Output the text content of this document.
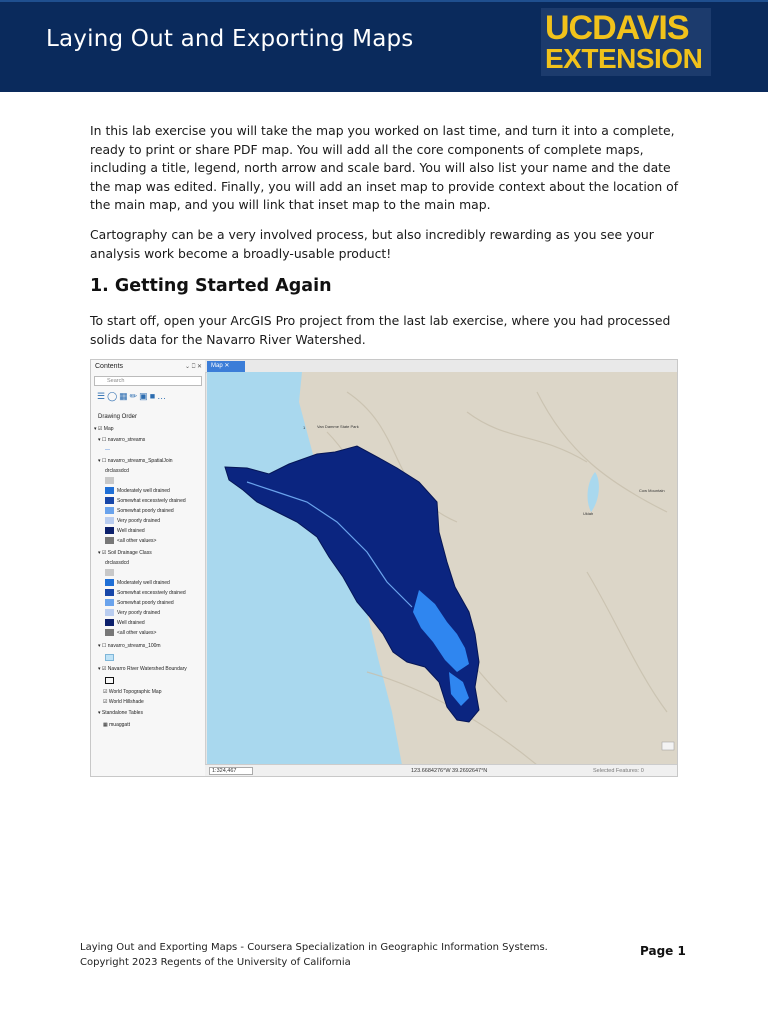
Laying Out and Exporting Maps	UCDAVIS
EXTENSION

In this lab exercise you will take the map you worked on last time, and turn it into a complete, ready to print or share PDF map. You will add all the core components of complete maps, including a title, legend, north arrow and scale bard. You will also list your name and the date the map was edited. Finally, you will add an inset map to provide context about the location of the main map, and you will link that inset map to the main map.

Cartography can be a very involved process, but also incredibly rewarding as you see your analysis work become a broadly-usable product!

1. Getting Started Again

To start off, open your ArcGIS Pro project from the last lab exercise, where you had processed solids data for the Navarro River Watershed.

Contents	⌄ ⎕ ✕
Search
☰◯▦✏▣■…
Drawing Order
▾ ☑ Map
▾ ☐ navarro_streams
—
▾ ☐ navarro_streams_SpatialJoin
drclassdcd
Moderately well drained
Somewhat excessively drained
Somewhat poorly drained
Very poorly drained
Well drained
<all other values>
▾ ☑ Soil Drainage Class
drclassdcd
Moderately well drained
Somewhat excessively drained
Somewhat poorly drained
Very poorly drained
Well drained
<all other values>
▾ ☐ navarro_streams_100m
▾ ☑ Navarro River Watershed Boundary
☑ World Topographic Map
☑ World Hillshade
▾ Standalone Tables
▦ muaggatt
Map ✕
Van Damme State Park
1
Ukiah
Cow Mountain
1:324,467	123.6684276°W 39.2692647°N	Selected Features: 0

Laying Out and Exporting Maps - Coursera Specialization in Geographic Information Systems. Copyright 2023 Regents of the University of California

Page 1
